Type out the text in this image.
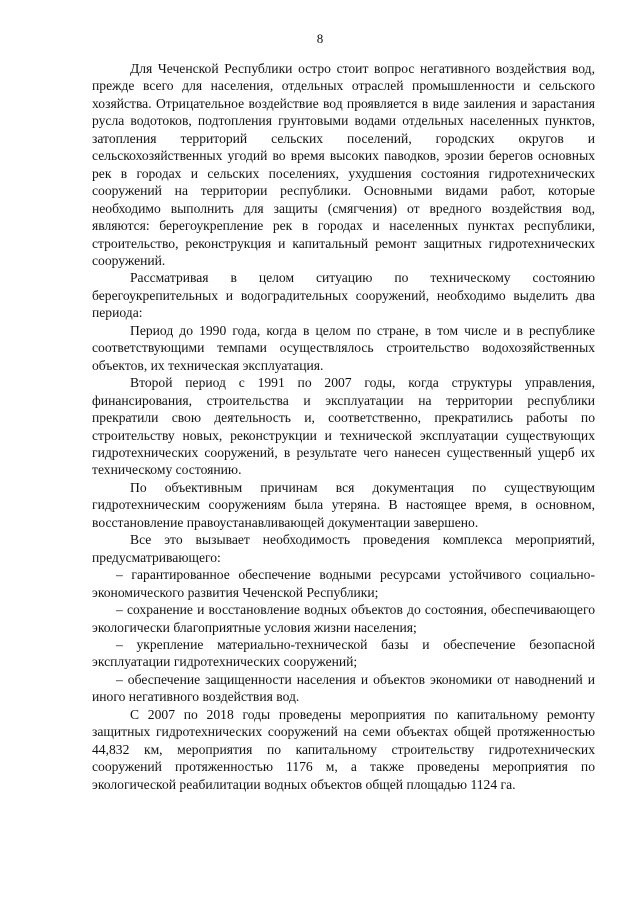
8

Для Чеченской Республики остро стоит вопрос негативного воздействия вод, прежде всего для населения, отдельных отраслей промышленности и сельского хозяйства. Отрицательное воздействие вод проявляется в виде заиления и зарастания русла водотоков, подтопления грунтовыми водами отдельных населенных пунктов, затопления территорий сельских поселений, городских округов и сельскохозяйственных угодий во время высоких паводков, эрозии берегов основных рек в городах и сельских поселениях, ухудшения состояния гидротехнических сооружений на территории республики. Основными видами работ, которые необходимо выполнить для защиты (смягчения) от вредного воздействия вод, являются: берегоукрепление рек в городах и населенных пунктах республики, строительство, реконструкция и капитальный ремонт защитных гидротехнических сооружений.

Рассматривая в целом ситуацию по техническому состоянию берегоукрепительных и водоградительных сооружений, необходимо выделить два периода:

Период до 1990 года, когда в целом по стране, в том числе и в республике соответствующими темпами осуществлялось строительство водохозяйственных объектов, их техническая эксплуатация.

Второй период с 1991 по 2007 годы, когда структуры управления, финансирования, строительства и эксплуатации на территории республики прекратили свою деятельность и, соответственно, прекратились работы по строительству новых, реконструкции и технической эксплуатации существующих гидротехнических сооружений, в результате чего нанесен существенный ущерб их техническому состоянию.

По объективным причинам вся документация по существующим гидротехническим сооружениям была утеряна. В настоящее время, в основном, восстановление правоустанавливающей документации завершено.

Все это вызывает необходимость проведения комплекса мероприятий, предусматривающего:

– гарантированное обеспечение водными ресурсами устойчивого социально-экономического развития Чеченской Республики;

– сохранение и восстановление водных объектов до состояния, обеспечивающего экологически благоприятные условия жизни населения;

– укрепление материально-технической базы и обеспечение безопасной эксплуатации гидротехнических сооружений;

– обеспечение защищенности населения и объектов экономики от наводнений и иного негативного воздействия вод.

С 2007 по 2018 годы проведены мероприятия по капитальному ремонту защитных гидротехнических сооружений на семи объектах общей протяженностью 44,832 км, мероприятия по капитальному строительству гидротехнических сооружений протяженностью 1176 м, а также проведены мероприятия по экологической реабилитации водных объектов общей площадью 1124 га.
